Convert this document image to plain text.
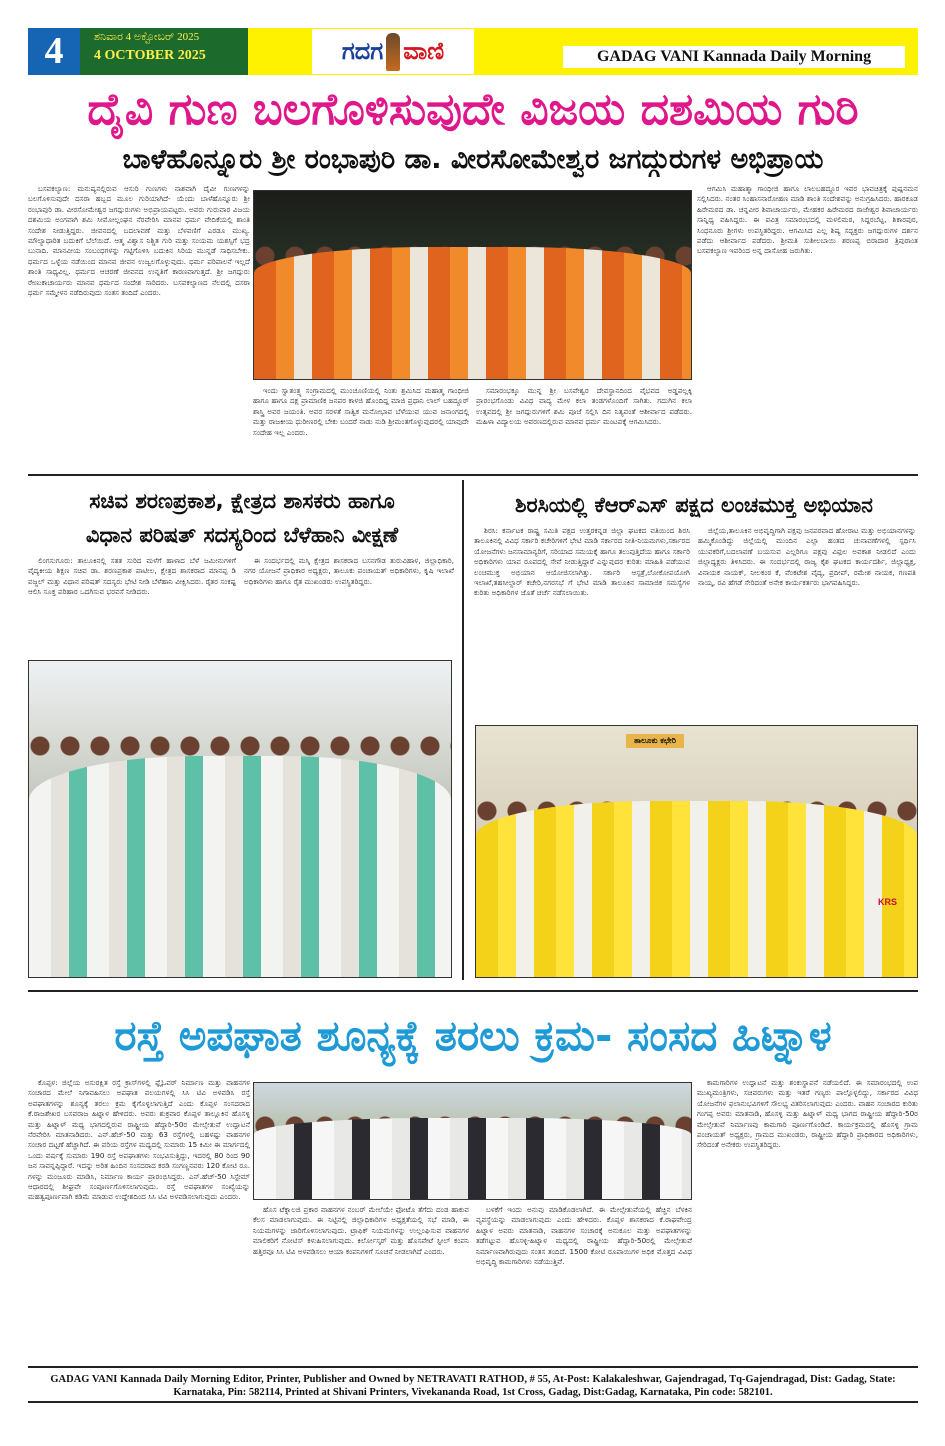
4	ಶನಿವಾರ 4 ಅಕ್ಟೋಬರ್ 2025
4 OCTOBER 2025	ಗದಗ ವಾಣಿ	GADAG VANI Kannada Daily Morning
ದೈವಿ ಗುಣ ಬಲಗೊಳಿಸುವುದೇ ವಿಜಯ ದಶಮಿಯ ಗುರಿ
ಬಾಳೆಹೊನ್ನೂರು ಶ್ರೀ ರಂಭಾಪುರಿ ಡಾ. ವೀರಸೋಮೇಶ್ವರ ಜಗದ್ಗುರುಗಳ ಅಭಿಪ್ರಾಯ

ಬಸವಕಲ್ಯಾಣ: ಮನುಷ್ಯನಲ್ಲಿರುವ ಆಸುರಿ ಗುಣಗಳು ನಾಶವಾಗಿ ದೈವೀ ಗುಣಗಳನ್ನು ಬಲಗೊಳಿಸುವುದೇ ದಸರಾ ಹಬ್ಬದ ಮೂಲ ಗುರಿಯಾಗಿದೆ- ಯೆಂದು ಬಾಳೆಹೊನ್ನೂರು ಶ್ರೀ ರಂಭಾಪುರಿ ಡಾ. ವೀರಸೋಮೇಶ್ವರ ಜಗದ್ಗುರುಗಳು ಅಭಿಪ್ರಾಯಪಟ್ಟರು. ಅವರು ಗುರುವಾರ ವಿಜಯ ದಶಮಿಯ ಅಂಗವಾಗಿ ಶಮಿ ಸೀಮೋಲ್ಲಂಘನ ನೆರವೇರಿಸಿ ಮಾನವ ಧರ್ಮ ವೇದಿಕೆಯಲ್ಲಿ ಶಾಂತಿ ಸಂದೇಶ ನೀಡುತ್ತಿದ್ದರು. ಜೀವನದಲ್ಲಿ ಬದಲಾವಣೆ ಮತ್ತು ಬೆಳವಣಿಗೆ ಎರಡೂ ಮುಖ್ಯ. ಮೌಲ್ಯಾಧಾರಿತ ಬದುಕಿಗೆ ಬೆಲೆಯಿದೆ. ಆತ್ಮ ವಿಶ್ವಾಸ ನಿಶ್ಚಿತ ಗುರಿ ಮತ್ತು ಸಂಯಮ ಯಶಸ್ಸಿಗೆ ಭದ್ರ ಬುನಾದಿ. ಮಾನವೀಯ ಸಂಬಂಧಗಳನ್ನು ಗಟ್ಟಿಗೊಳಿಸಿ ಬದುಕಿನ ಸಿರಿಯ ಮುನ್ನಡೆ ಸಾಧಿಸಬೇಕು. ಧರ್ಮದ ಒಳ್ಳೆಯ ನಡೆಯಿಂದ ಮಾನವ ಜೀವನ ಉಜ್ವಲಗೊಳ್ಳುವುದು. ಧರ್ಮ ಪರಿಪಾಲನೆ ಇಲ್ಲದೆ ಶಾಂತಿ ಸಾಧ್ಯವಿಲ್ಲ. ಧರ್ಮದ ಆಚರಣೆ ಜೀವನದ ಉನ್ನತಿಗೆ ಕಾರಣವಾಗುತ್ತದೆ. ಶ್ರೀ ಜಗದ್ಗುರು ರೇಣುಕಾಚಾರ್ಯರು ಮಾನವ ಧರ್ಮದ ಸಂದೇಶ ಸಾರಿದರು. ಬಸವಕಲ್ಯಾಣದ ನೆಲದಲ್ಲಿ ದಸರಾ ಧರ್ಮ ಸಮ್ಮೇಳನ ನಡೆದಿರುವುದು ಸಂತಸ ತಂದಿದೆ ಎಂದರು.

ಇಂದು ಸ್ವಾತಂತ್ರ್ಯ ಸಂಗ್ರಾಮದಲ್ಲಿ ಮುಂಚೂಣಿಯಲ್ಲಿ ನಿಂತು ಶ್ರಮಿಸಿದ ಮಹಾತ್ಮ ಗಾಂಧೀಜಿ ಹಾಗೂ ಹಾಗೂ ದಕ್ಷ ಪ್ರಾಮಾಣಿಕ ಜನಪರ ಕಾಳಜಿ ಹೊಂದಿದ್ದ ಮಾಜಿ ಪ್ರಧಾನಿ ಲಾಲ್ ಬಹದ್ದೂರ್ ಶಾಸ್ತ್ರಿ ಅವರ ಜಯಂತಿ. ಅವರ ಸರಳತೆ ಸಾತ್ವಿಕ ಮನೋಭಾವ ಬೆಳೆಯುವ ಯುವ ಜನಾಂಗದಲ್ಲಿ ಮತ್ತು ರಾಜಕೀಯ ಧುರೀಣರಲ್ಲಿ ಬೇಕು ಬಂದರೆ ನಾಡು ನುಡಿ ಶ್ರೀಮಂತಗೊಳ್ಳುವುದರಲ್ಲಿ ಯಾವುದೇ ಸಂದೇಹ ಇಲ್ಲ ಎಂದರು.

ಸಮಾರಂಭಕ್ಕೂ ಮುನ್ನ ಶ್ರೀ ಬಸವೇಶ್ವರ ದೇವಸ್ಥಾನದಿಂದ ವೈಭವದ ಅಡ್ಡಪಲ್ಲಕ್ಕಿ ಪ್ರಾರಂಭಗೊಂಡು ವಿವಿಧ ವಾದ್ಯ ಮೇಳ ಕಲಾ ತಂಡಗಳೊಂದಿಗೆ ಸಾಗಿತು. ಗದುಗಿನ ಕಲಾ ಉತ್ಸವದಲ್ಲಿ ಶ್ರೀ ಜಗದ್ಗುರುಗಳಿಗೆ ಶಮಿ ಪೂಜೆ ಸಲ್ಲಿಸಿ ದಿನ ನಿತ್ಯವಂತೆ ಆಶೀರ್ವಾದ ಪಡೆದರು. ಮಹಿಳಾ ವಿದ್ಯಾಲಯ ಅವರಣದಲ್ಲಿರುವ ಮಾನವ ಧರ್ಮ ಮಂಟಪಕ್ಕೆ ಆಗಮಿಸಿದರು.

ಆಗಮಿಸಿ ಮಹಾತ್ಮಾ ಗಾಂಧೀಜಿ ಹಾಗೂ ಲಾಲಬಹದ್ದೂರ ಇವರ ಭಾವಚಿತ್ರಕ್ಕೆ ಪುಷ್ಪನಮನ ಸಲ್ಲಿಸಿದರು. ನಂತರ ಸಿಂಹಾಸನಾರೋಹಣ ಮಾಡಿ ಶಾಂತಿ ಸಂದೇಶವನ್ನು ಅನುಗ್ರಹಿಸಿದರು. ಹಾರಕೂಡ ಹಿರೇಮಠದ ಡಾ. ಚನ್ನವೀರ ಶಿವಾಚಾರ್ಯರು, ಮೇಹಕರ ಹಿರೇಮಠದ ರಾಜೇಶ್ವರ ಶಿವಾಚಾರ್ಯರು ಸಾನ್ನಿಧ್ಯ ವಹಿಸಿದ್ದರು. ಈ ಪವಿತ್ರ ಸಮಾರಂಭದಲ್ಲಿ ಮಳಲಿಮಠ, ಸಿದ್ದರಬೆಟ್ಟ, ಶಿಕಾರಪುರ, ಸಿಂಧನೂರು ಶ್ರೀಗಳು ಉಪಸ್ಥಿತರಿದ್ದರು. ಆಗಮಿಸಿದ ಎಲ್ಲ ಶಿಷ್ಯ ಸದ್ಭಕ್ತರು ಜಗದ್ಗುರುಗಳ ದರ್ಶನ ಪಡೆದು ಆಶೀರ್ವಾದ ಪಡೆದರು. ಶ್ರೀಮತಿ ಸುಶೀಲಬಾಯಿ ಶರಣಪ್ಪ ಬಿರಾದಾರ ತ್ರಿಪುರಾಂತ ಬಸವಕಲ್ಯಾಣ ಇವರಿಂದ ಅನ್ನ ದಾಸೋಹ ಜರುಗಿತು.

ಸಚಿವ ಶರಣಪ್ರಕಾಶ, ಕ್ಷೇತ್ರದ ಶಾಸಕರು ಹಾಗೂ
ವಿಧಾನ ಪರಿಷತ್ ಸದಸ್ಯರಿಂದ ಬೆಳೆಹಾನಿ ವೀಕ್ಷಣೆ

ಲಿಂಗಸುಗೂರು: ತಾಲೂಕಿನಲ್ಲಿ ಸತತ ಸುರಿದ ಮಳೆಗೆ ಹಾಳಾದ ಬೆಳೆ ಜಮೀನುಗಳಿಗೆ ವೈದ್ಯಕೀಯ ಶಿಕ್ಷಣ ಸಚಿವ ಡಾ. ಶರಣಪ್ರಕಾಶ ಪಾಟೀಲ, ಕ್ಷೇತ್ರದ ಶಾಸಕರಾದ ಮಾನಪ್ಪ ಡಿ ವಜ್ಜಲ್ ಮತ್ತು ವಿಧಾನ ಪರಿಷತ್ ಸದಸ್ಯರು ಭೇಟಿ ನೀಡಿ ಬೆಳೆಹಾನಿ ವೀಕ್ಷಿಸಿದರು. ರೈತರ ಸಂಕಷ್ಟ ಆಲಿಸಿ ಸೂಕ್ತ ಪರಿಹಾರ ಒದಗಿಸುವ ಭರವಸೆ ನೀಡಿದರು.

ಈ ಸಂದರ್ಭದಲ್ಲಿ ಮಸ್ಕಿ ಕ್ಷೇತ್ರದ ಶಾಸಕರಾದ ಬಸನಗೌಡ ತುರುವಿಹಾಳ, ಜಿಲ್ಲಾಧಿಕಾರಿ, ನಗರ ಯೋಜನೆ ಪ್ರಾಧಿಕಾರ ಅಧ್ಯಕ್ಷರು, ತಾಲೂಕು ಪಂಚಾಯತ್ ಅಧಿಕಾರಿಗಳು, ಕೃಷಿ ಇಲಾಖೆ ಅಧಿಕಾರಿಗಳು ಹಾಗೂ ರೈತ ಮುಖಂಡರು ಉಪಸ್ಥಿತರಿದ್ದರು.

ಶಿರಸಿಯಲ್ಲಿ ಕೆಆರ್‌ಎಸ್ ಪಕ್ಷದ ಲಂಚಮುಕ್ತ ಅಭಿಯಾನ

ಶಿರಸಿ: ಕರ್ನಾಟಕ ರಾಷ್ಟ್ರ ಸಮಿತಿ ಪಕ್ಷದ ಉತ್ತರಕನ್ನಡ ಜಿಲ್ಲಾ ಘಟಕದ ವತಿಯಿಂದ ಶಿರಸಿ ತಾಲೂಕಿನಲ್ಲಿ ವಿವಿಧ ಸರ್ಕಾರಿ ಕಚೇರಿಗಳಿಗೆ ಭೇಟಿ ಮಾಡಿ ಸರ್ಕಾರದ ನೀತಿ-ನಿಯಮಗಳು,ಸರ್ಕಾರದ ಯೋಜನೆಗಳು ಜನಸಾಮಾನ್ಯರಿಗೆ, ಸರಿಯಾದ ಸಮಯಕ್ಕೆ ಹಾಗೂ ತಲುಪುತ್ತಿದೆಯ ಹಾಗೂ ಸರ್ಕಾರಿ ಅಧಿಕಾರಿಗಳು ಯಾವ ರೂಪದಲ್ಲಿ ಸೇವೆ ನೀಡುತ್ತಿದ್ದಾರೆ ಎನ್ನುವುದರ ಕುರಿತು ಮಾಹಿತಿ ಪಡೆಯುವ ಲಂಚಮುಕ್ತ ಅಭಿಯಾನ ಆಯೋಜಿಸಲಾಗಿತ್ತು. ಸರ್ಕಾರಿ ಆಸ್ಪತ್ರೆ,ಲೋಕೋಪಯೋಗಿ ಇಲಾಖೆ,ತಹಸೀಲ್ದಾರ್ ಕಚೇರಿ,ನಗರಸಭೆ ಗೆ ಭೇಟಿ ಮಾಡಿ ತಾಲೂಕಿನ ಸಾಮಾಜಿಕ ಸಮಸ್ಯೆಗಳ ಕುರಿತು ಅಧಿಕಾರಿಗಳ ಜೊತೆ ಚರ್ಚೆ ನಡೆಸಲಾಯಿತು.

ಜಿಲ್ಲೆಯ,ತಾಲೂಕಿನ ಅಭಿವೃದ್ಧಿಗಾಗಿ ಪಕ್ಷವು ಜನಪರವಾದ ಹೋರಾಟ ಮತ್ತು ಅಭಿಯಾನಗಳನ್ನು ಹಮ್ಮಿಕೊಂಡಿದ್ದು ಜಿಲ್ಲೆಯಲ್ಲಿ ಮುಂದಿನ ಎಲ್ಲಾ ಹಂತದ ಚುನಾವಣೆಗಳಲ್ಲಿ ಸ್ಪರ್ಧಿಸಿ ಯುವಕರಿಗೆ,ಬದಲಾವಣೆ ಬಯಸುವ ಎಲ್ಲರಿಗೂ ಪಕ್ಷವು ವಿಫುಲ ಅವಕಾಶ ನೀಡಲಿದೆ ಎಂದು ಜಿಲ್ಲಾಧ್ಯಕ್ಷರು ತಿಳಿಸಿದರು. ಈ ಸಂದರ್ಭದಲ್ಲಿ ರಾಜ್ಯ ಕೈಶ ಘಟಕದ ಕಾರ್ಯದರ್ಶಿ, ಜಿಲ್ಲಾಧ್ಯಕ್ಷ, ವಿನಾಯಕ ನಾಯಕ್, ನೀಲಕಂಠ ಕೆ, ವೆಂಕಟೇಶ ವೈದ್ಯ, ಪ್ರದೀಪ್, ರಮೇಶ ನಾಯಕ, ಗಣಪತಿ ನಾಯ್ಕ, ರವಿ ಹೆಗಡೆ ಸೇರಿದಂತೆ ಅನೇಕ ಕಾರ್ಯಕರ್ತರು ಭಾಗವಹಿಸಿದ್ದರು.

ತಾಲೂಕು ಕಛೇರಿ
KRS
ರಸ್ತೆ ಅಪಘಾತ ಶೂನ್ಯಕ್ಕೆ ತರಲು ಕ್ರಮ- ಸಂಸದ ಹಿಟ್ನಾಳ

ಕೊಪ್ಪಳ: ಜಿಲ್ಲೆಯ ಅಸುರಕ್ಷಿತ ರಸ್ತೆ ಕ್ರಾಸ್‌ಗಳಲ್ಲಿ ಫ್ಲೈಓವರ್ ನಿರ್ಮಾಣ ಮತ್ತು ವಾಹನಗಳ ಸಂಚಾರದ ಮೇಲೆ ನಿಗಾವಹಿಸಲು ಅಪಘಾತ ವಲಯಗಳಲ್ಲಿ ಸಿಸಿ ಟಿವಿ ಅಳವಡಿಸಿ ರಸ್ತೆ ಅಪಘಾತಗಳನ್ನು ಶೂನ್ಯಕ್ಕೆ ತರಲು ಕ್ರಮ ಕೈಗೊಳ್ಳಲಾಗುತ್ತಿದೆ ಎಂದು ಕೊಪ್ಪಳ ಸಂಸದರಾದ ಕೆ.ರಾಜಶೇಖರ ಬಸವರಾಜ ಹಿಟ್ನಾಳ ಹೇಳಿದರು. ಅವರು ಶುಕ್ರವಾರ ಕೊಪ್ಪಳ ತಾಲ್ಲೂಕಿನ ಹೊಸಳ್ಳಿ ಮತ್ತು ಹಿಟ್ನಾಳ್ ಮಧ್ಯ ಭಾಗದಲ್ಲಿರುವ ರಾಷ್ಟ್ರೀಯ ಹೆದ್ದಾರಿ-50ರ ಮೇಲ್ಸೇತುವೆ ಉದ್ಘಾಟನೆ ನೆರವೇರಿಸಿ ಮಾತನಾಡಿದರು. ಎನ್.ಹೆಚ್-50 ಮತ್ತು 63 ರಸ್ತೆಗಳಲ್ಲಿ ಬಹಳಷ್ಟು ವಾಹನಗಳ ಸಂಚಾರ ದಟ್ಟಣೆ ಹೆಚ್ಚಾಗಿದೆ. ಈ ವರಿಯ ರಸ್ತೆಗಳ ಮಧ್ಯದಲ್ಲಿ ಸುಮಾರು 15 ಕಿಮೀ ಈ ಮಾರ್ಗದಲ್ಲಿ ಒಂದು ವರ್ಷಕ್ಕೆ ಸುಮಾರು 190 ರಸ್ತೆ ಅಪಘಾತಗಳು ಸಂಭವಿಸುತ್ತಿದ್ದು, ಇದರಲ್ಲಿ 80 ರಿಂದ 90 ಜನ ಸಾವನ್ನಪ್ಪಿದ್ದಾರೆ. ಇದನ್ನು ಅರಿತ ಹಿಂದಿನ ಸಂಸದರಾದ ಕರಡಿ ಸಂಗಣ್ಣನವರು 120 ಕೋಟಿ ರೂ. ಗಳನ್ನು ಮಂಜೂರು ಮಾಡಿಸಿ, ನಿರ್ಮಾಣ ಕಾರ್ಯ ಪ್ರಾರಂಭಿಸಿದ್ದರು. ಎನ್.ಹೆಚ್-50 ಸಿಸ್ಟೇಮ್ ಆಧಾರದಲ್ಲಿ ಶೀಘ್ರವೇ ಸಂಪೂರ್ಣಗೊಳಿಸಲಾಗುವುದು. ರಸ್ತೆ ಅಪಘಾತಗಳ ಸಂಖ್ಯೆಯನ್ನು ಮಹತ್ವಪೂರ್ಣವಾಗಿ ಕಡಿಮೆ ಮಾಡುವ ಉದ್ದೇಶದಿಂದ ಸಿಸಿ ಟಿವಿ ಅಳವಡಿಸಲಾಗುವುದು ಎಂದರು.

ಹೊಸ ಟೆಕ್ನಾಲಜಿ ಪ್ರಕಾರ ವಾಹನಗಳ ನಂಬರ್ ಮೇಲೆಯೇ ಫೋಟೊ ತೆಗೆದು ದಂಡ ಹಾಕುವ ಕೆಲಸ ಮಾಡಲಾಗುವುದು. ಈ ನಿಟ್ಟಿನಲ್ಲಿ ಜಿಲ್ಲಾಧಿಕಾರಿಗಳ ಅಧ್ಯಕ್ಷತೆಯಲ್ಲಿ ಸಭೆ ಮಾಡಿ, ಈ ನಿಯಮಗಳನ್ನು ಜಾರಿಗೊಳಿಸಲಾಗುವುದು. ಟ್ರಾಫಿಕ್ ನಿಯಮಗಳನ್ನು ಉಲ್ಲಂಘಿಸುವ ವಾಹನಗಳ ಮಾಲಿಕರಿಗೆ ನೋಟಿಸ್ ಕಳುಹಿಸಲಾಗುವುದು. ಕಿರ್ಲೋಸ್ಕರ್ ಮತ್ತು ಹೊಸಪೇಟೆ ಸ್ಟೀಲ್ ಕಂಪನಿ ಹತ್ತಿರವೂ ಸಿಸಿ ಟಿವಿ ಅಳವಡಿಸಲು ಆಯಾ ಕಂಪನಿಗಳಿಗೆ ಸೂಚನೆ ನೀಡಲಾಗಿದೆ ಎಂದರು.

ಬಳಕೆಗೆ ಇಂದು ಅನುವು ಮಾಡಿಕೊಡಲಾಗಿದೆ. ಈ ಮೇಲ್ಸೇತುವೆಯಲ್ಲಿ ಹೆಚ್ಚಿನ ಬೆಳಕಿನ ವ್ಯವಸ್ಥೆಯನ್ನು ಮಾಡಲಾಗುವುದು ಎಂದು ಹೇಳಿದರು. ಕೊಪ್ಪಳ ಶಾಸಕರಾದ ಕೆ.ರಾಘವೇಂದ್ರ ಹಿಟ್ನಾಳ ಅವರು ಮಾತನಾಡಿ, ವಾಹನಗಳ ಸಂಚಾರಕ್ಕೆ ಅನುಕೂಲ ಮತ್ತು ಅಪಘಾತಗಳನ್ನು ತಡೆಗಟ್ಟುವ ಹೊಸಳ್ಳಿ-ಹಿಟ್ನಾಳ ಮಧ್ಯದಲ್ಲಿ ರಾಷ್ಟ್ರೀಯ ಹೆದ್ದಾರಿ-50ರಲ್ಲಿ ಮೇಲ್ಸೇತುವೆ ನಿರ್ಮಾಣವಾಗಿರುವುದು ಸಂತಸ ತಂದಿದೆ. 1500 ಕೋಟಿ ರೂಪಾಯಿಗಳ ಅಧಿಕ ಮೊತ್ತದ ವಿವಿಧ ಅಭಿವೃದ್ಧಿ ಕಾಮಗಾರಿಗಳು ನಡೆಯುತ್ತಿವೆ.

ಕಾಮಗಾರಿಗಳ ಉದ್ಘಾಟನೆ ಮತ್ತು ಶಂಕುಸ್ಥಾಪನೆ ನಡೆಯಲಿದೆ. ಈ ಸಮಾರಂಭದಲ್ಲಿ ಉಪ ಮುಖ್ಯಮಂತ್ರಿಗಳು, ಸಚಿವರುಗಳು ಮತ್ತು ಇತರೆ ಗಣ್ಯರು ಪಾಲ್ಗೊಳ್ಳಲಿದ್ದು, ಸರ್ಕಾರದ ವಿವಿಧ ಯೋಜನೆಗಳ ಫಲಾನುಭವಿಗಳಿಗೆ ಸೌಲಭ್ಯ ವಿತರಿಸಲಾಗುವುದು ಎಂದರು. ವಾಹನ ಸಂಚಾರದ ಕುರಿತು ಗಂಗಪ್ಪ ಅವರು ಮಾತನಾಡಿ, ಹೊಸಳ್ಳಿ ಮತ್ತು ಹಿಟ್ನಾಳ್ ಮಧ್ಯ ಭಾಗದ ರಾಷ್ಟ್ರೀಯ ಹೆದ್ದಾರಿ-50ರ ಮೇಲ್ಸೇತುವೆ ನಿರ್ಮಾಣವು ಕಾಮಗಾರಿ ಪೂರ್ಣಗೊಂಡಿದೆ. ಕಾರ್ಯಕ್ರಮದಲ್ಲಿ ಹೊಸಳ್ಳಿ ಗ್ರಾಮ ಪಂಚಾಯತ್ ಅಧ್ಯಕ್ಷರು, ಗ್ರಾಮದ ಮುಖಂಡರು, ರಾಷ್ಟ್ರೀಯ ಹೆದ್ದಾರಿ ಪ್ರಾಧಿಕಾರದ ಅಧಿಕಾರಿಗಳು, ಸೇರಿದಂತೆ ಅನೇಕರು ಉಪಸ್ಥಿತರಿದ್ದರು.

GADAG VANI Kannada Daily Morning Editor, Printer, Publisher and Owned by NETRAVATI RATHOD, # 55, At-Post: Kalakaleshwar, Gajendragad, Tq-Gajendragad, Dist: Gadag, State: Karnataka, Pin: 582114, Printed at Shivani Printers, Vivekananda Road, 1st Cross, Gadag, Dist:Gadag, Karnataka, Pin code: 582101.
